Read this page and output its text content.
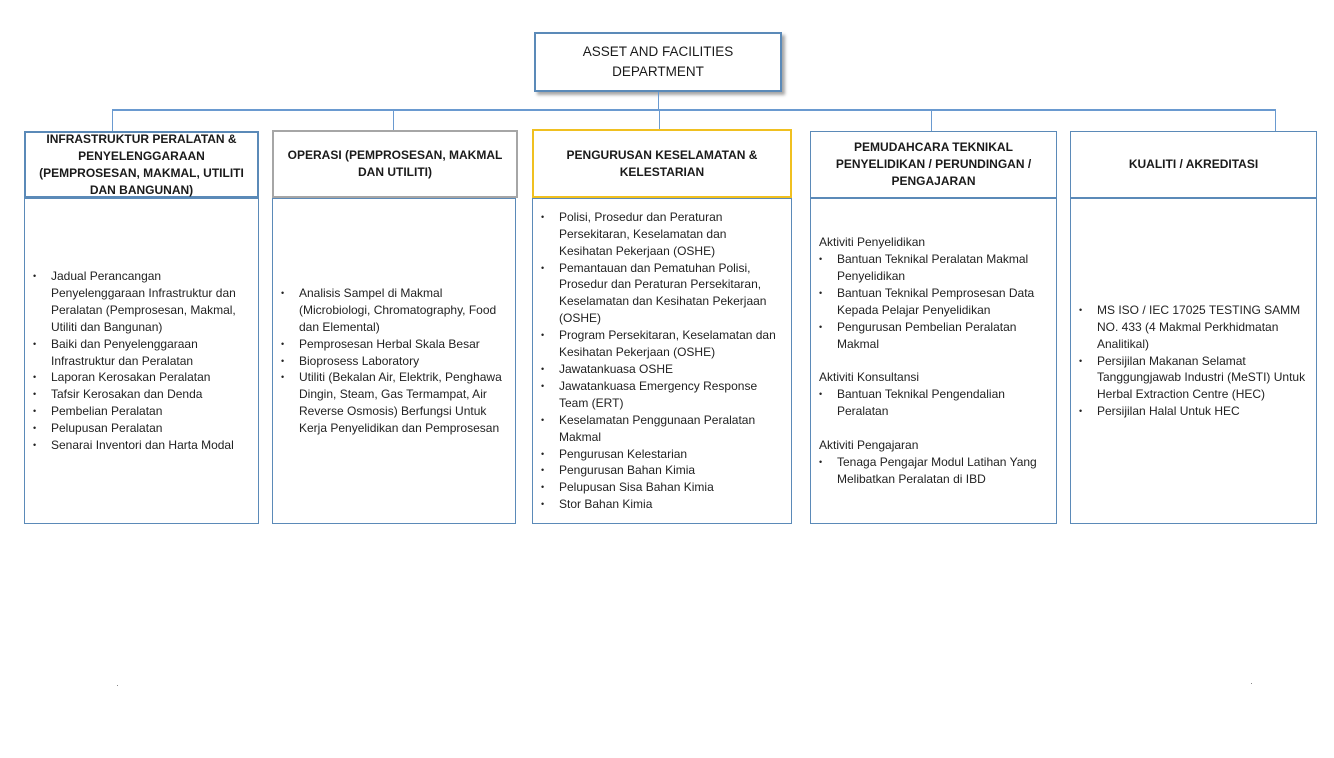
ASSET AND FACILITIES DEPARTMENT
INFRASTRUKTUR PERALATAN & PENYELENGGARAAN (PEMPROSESAN, MAKMAL, UTILITI DAN BANGUNAN)
• Jadual Perancangan Penyelenggaraan Infrastruktur dan Peralatan (Pemprosesan, Makmal, Utiliti dan Bangunan)
• Baiki dan Penyelenggaraan Infrastruktur dan Peralatan
• Laporan Kerosakan Peralatan
• Tafsir Kerosakan dan Denda
• Pembelian Peralatan
• Pelupusan Peralatan
• Senarai Inventori dan Harta Modal
OPERASI (PEMPROSESAN, MAKMAL DAN UTILITI)
• Analisis Sampel di Makmal (Microbiologi, Chromatography, Food dan Elemental)
• Pemprosesan Herbal Skala Besar
• Bioprosess Laboratory
• Utiliti (Bekalan Air, Elektrik, Penghawa Dingin, Steam, Gas Termampat, Air Reverse Osmosis) Berfungsi Untuk Kerja Penyelidikan dan Pemprosesan
PENGURUSAN KESELAMATAN & KELESTARIAN
• Polisi, Prosedur dan Peraturan Persekitaran, Keselamatan dan Kesihatan Pekerjaan (OSHE)
• Pemantauan dan Pematuhan Polisi, Prosedur dan Peraturan Persekitaran, Keselamatan dan Kesihatan Pekerjaan (OSHE)
• Program Persekitaran, Keselamatan dan Kesihatan Pekerjaan (OSHE)
• Jawatankuasa OSHE
• Jawatankuasa Emergency Response Team (ERT)
• Keselamatan Penggunaan Peralatan Makmal
• Pengurusan Kelestarian
• Pengurusan Bahan Kimia
• Pelupusan Sisa Bahan Kimia
• Stor Bahan Kimia
PEMUDAHCARA TEKNIKAL PENYELIDIKAN / PERUNDINGAN / PENGAJARAN
Aktiviti Penyelidikan
• Bantuan Teknikal Peralatan Makmal Penyelidikan
• Bantuan Teknikal Pemprosesan Data Kepada Pelajar Penyelidikan
• Pengurusan Pembelian Peralatan Makmal
Aktiviti Konsultansi
• Bantuan Teknikal Pengendalian Peralatan
Aktiviti Pengajaran
• Tenaga Pengajar Modul Latihan Yang Melibatkan Peralatan di IBD
KUALITI / AKREDITASI
• MS ISO / IEC 17025 TESTING SAMM NO. 433 (4 Makmal Perkhidmatan Analitikal)
• Persijilan Makanan Selamat Tanggungjawab Industri (MeSTI) Untuk Herbal Extraction Centre (HEC)
• Persijilan Halal Untuk HEC
